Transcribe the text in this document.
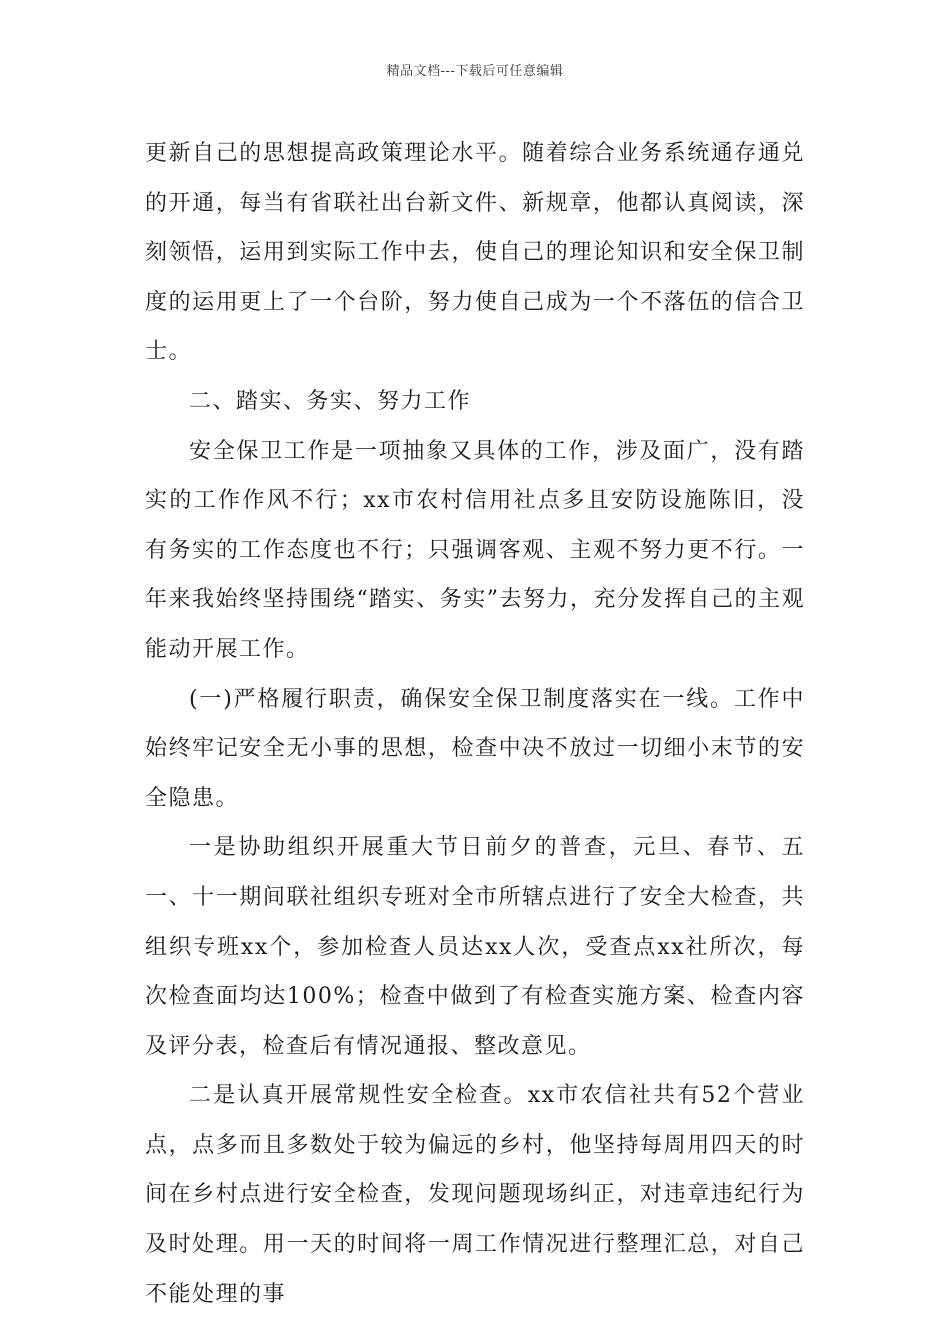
精品文档---下载后可任意编辑

更新自己的思想提高政策理论水平。随着综合业务系统通存通兑的开通，每当有省联社出台新文件、新规章，他都认真阅读，深刻领悟，运用到实际工作中去，使自己的理论知识和安全保卫制度的运用更上了一个台阶，努力使自己成为一个不落伍的信合卫士。

二、踏实、务实、努力工作

安全保卫工作是一项抽象又具体的工作，涉及面广，没有踏实的工作作风不行；xx市农村信用社点多且安防设施陈旧，没有务实的工作态度也不行；只强调客观、主观不努力更不行。一年来我始终坚持围绕“踏实、务实”去努力，充分发挥自己的主观能动开展工作。

(一)严格履行职责，确保安全保卫制度落实在一线。工作中始终牢记安全无小事的思想，检查中决不放过一切细小末节的安全隐患。

一是协助组织开展重大节日前夕的普查，元旦、春节、五一、十一期间联社组织专班对全市所辖点进行了安全大检查，共组织专班xx个，参加检查人员达xx人次，受查点xx社所次，每次检查面均达100%；检查中做到了有检查实施方案、检查内容及评分表，检查后有情况通报、整改意见。

二是认真开展常规性安全检查。xx市农信社共有52个营业点，点多而且多数处于较为偏远的乡村，他坚持每周用四天的时间在乡村点进行安全检查，发现问题现场纠正，对违章违纪行为及时处理。用一天的时间将一周工作情况进行整理汇总，对自己不能处理的事
